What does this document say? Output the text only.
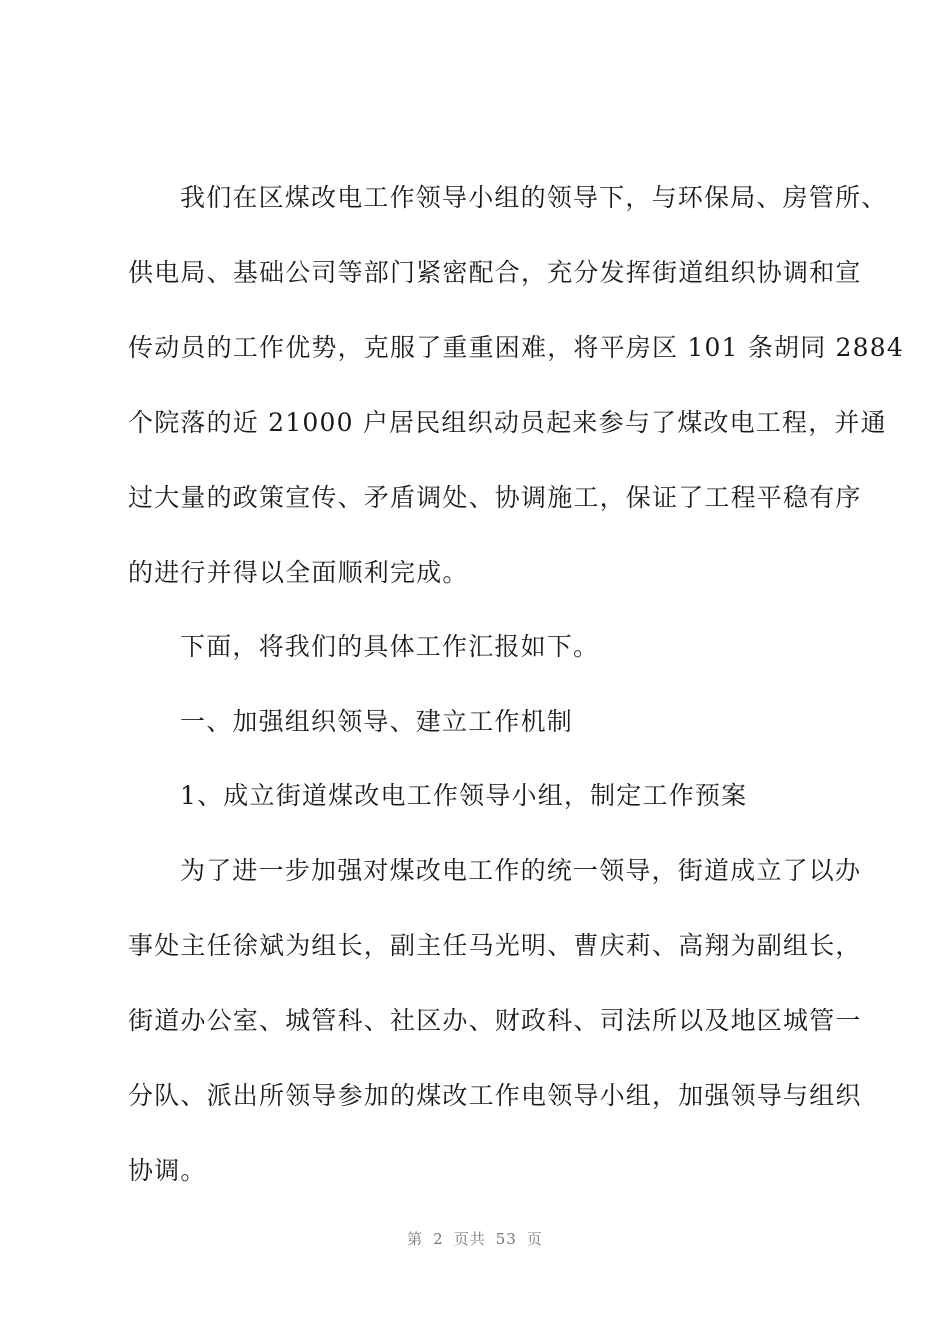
我们在区煤改电工作领导小组的领导下，与环保局、房管所、
供电局、基础公司等部门紧密配合，充分发挥街道组织协调和宣
传动员的工作优势，克服了重重困难，将平房区 101 条胡同 2884
个院落的近 21000 户居民组织动员起来参与了煤改电工程，并通
过大量的政策宣传、矛盾调处、协调施工，保证了工程平稳有序
的进行并得以全面顺利完成。
下面，将我们的具体工作汇报如下。
一、加强组织领导、建立工作机制
1、成立街道煤改电工作领导小组，制定工作预案
为了进一步加强对煤改电工作的统一领导，街道成立了以办
事处主任徐斌为组长，副主任马光明、曹庆莉、高翔为副组长，
街道办公室、城管科、社区办、财政科、司法所以及地区城管一
分队、派出所领导参加的煤改工作电领导小组，加强领导与组织
协调。
第 2 页共 53 页
